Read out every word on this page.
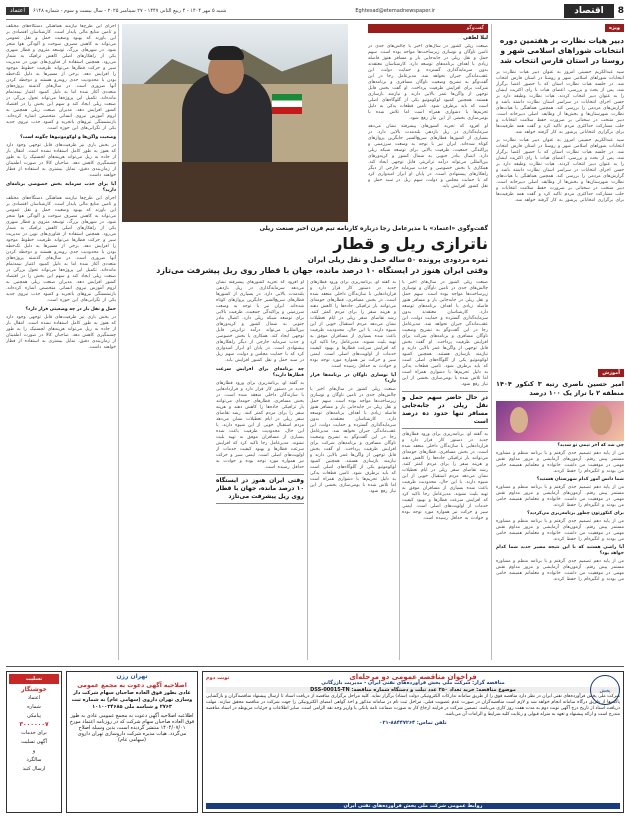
8
اقتصاد
Eghtesad@etemadnewspaper.ir
شنبه ۵ مهر ۱۴۰۴ - ۴ ربیع الثانی ۱۴۴۷ - ۲۷ سپتامبر ۲۰۲۵ - سال بیست و سوم - شماره ۶۱۴۸
اعتماد
ویژه
دبیر هیات نظارت بر هفتمین دوره انتخابات شوراهای اسلامی شهر و روستا در استان فارس انتخاب شد

سید عبدالکریم حسینی امروز به عنوان دبیر هیات نظارت بر انتخابات شوراهای اسلامی شهر و روستا در استان فارس انتخاب شد. در جلسه هیات نظارت استان که با حضور اعضا برگزار شد، پس از بحث و بررسی، اعضای هیات با رای اکثریت ایشان را به عنوان دبیر انتخاب کردند. هیات نظارت وظیفه دارد بر حسن اجرای انتخابات در سراسر استان نظارت داشته باشد و گزارش‌های مردمی را بررسی کند. همچنین هماهنگی با هیات‌های نظارت شهرستان‌ها و بخش‌ها از وظایف اصلی دبیرخانه است. دبیر منتخب در سخنانی بر ضرورت حفظ سلامت انتخابات و جلب مشارکت حداکثری مردم تاکید کرد و گفت همه ظرفیت‌ها برای برگزاری انتخاباتی پرشور به کار گرفته خواهد شد.

سید عبدالکریم حسینی امروز به عنوان دبیر هیات نظارت بر انتخابات شوراهای اسلامی شهر و روستا در استان فارس انتخاب شد. در جلسه هیات نظارت استان که با حضور اعضا برگزار شد، پس از بحث و بررسی، اعضای هیات با رای اکثریت ایشان را به عنوان دبیر انتخاب کردند. هیات نظارت وظیفه دارد بر حسن اجرای انتخابات در سراسر استان نظارت داشته باشد و گزارش‌های مردمی را بررسی کند. همچنین هماهنگی با هیات‌های نظارت شهرستان‌ها و بخش‌ها از وظایف اصلی دبیرخانه است. دبیر منتخب در سخنانی بر ضرورت حفظ سلامت انتخابات و جلب مشارکت حداکثری مردم تاکید کرد و گفت همه ظرفیت‌ها برای برگزاری انتخاباتی پرشور به کار گرفته خواهد شد.

آموزش
امیر حسین ناصری رتبه ۳ کنکور ۱۴۰۴ منطقه ۲ با تراز یک ۱۰۰ درصد
چی شد که آخر تیمی تو شدید؟

من از پایه دهم تصمیم جدی گرفتم و با برنامه منظم و مشاوره مستمر پیش رفتم. آزمون‌های آزمایشی و مرور مداوم نقش مهمی در موفقیت من داشت. خانواده و معلمانم همیشه حامی من بودند و انگیزه‌ام را حفظ کردند.

شما دانش آموز کدام شهرستان هستید؟

من از پایه دهم تصمیم جدی گرفتم و با برنامه منظم و مشاوره مستمر پیش رفتم. آزمون‌های آزمایشی و مرور مداوم نقش مهمی در موفقیت من داشت. خانواده و معلمانم همیشه حامی من بودند و انگیزه‌ام را حفظ کردند.

برای کنکورتون چطور برنامه‌ریزی می‌کردید؟

من از پایه دهم تصمیم جدی گرفتم و با برنامه منظم و مشاوره مستمر پیش رفتم. آزمون‌های آزمایشی و مرور مداوم نقش مهمی در موفقیت من داشت. خانواده و معلمانم همیشه حامی من بودند و انگیزه‌ام را حفظ کردند.

آیا راضی هستید که با این نتیجه مسیر جدید شما کدام خواهد بود؟

من از پایه دهم تصمیم جدی گرفتم و با برنامه منظم و مشاوره مستمر پیش رفتم. آزمون‌های آزمایشی و مرور مداوم نقش مهمی در موفقیت من داشت. خانواده و معلمانم همیشه حامی من بودند و انگیزه‌ام را حفظ کردند.

گفت‌وگو
لیلا لطفی

صنعت ریلی کشور در سال‌های اخیر با چالش‌های جدی در تامین ناوگان و نوسازی زیرساخت‌ها مواجه بوده است. سهم حمل و نقل ریلی در جابه‌جایی بار و مسافر هنوز فاصله زیادی با اهداف برنامه‌های توسعه دارد. کارشناسان معتقدند بدون سرمایه‌گذاری گسترده و حمایت دولت، این عقب‌ماندگی جبران نخواهد شد. مدیرعامل رجا در این گفت‌وگو به تشریح وضعیت ناوگان مسافری و برنامه‌های شرکت برای افزایش ظرفیت پرداخت. او گفت بخش قابل توجهی از واگن‌ها عمر بالایی دارند و نیازمند بازسازی هستند. همچنین کمبود لوکوموتیو یکی از گلوگاه‌های اصلی است که باید برطرف شود. تامین قطعات یدکی به دلیل تحریم‌ها با دشواری همراه است اما تلاش شده با بومی‌سازی بخشی از این نیاز رفع شود.

او افزود که تجربه کشورهای پیشرفته نشان می‌دهد سرمایه‌گذاری در ریل بازدهی بلندمدت بالایی دارد. در بسیاری از کشورها قطارهای سریع‌السیر جایگزین پروازهای کوتاه شده‌اند. ایران نیز با توجه به وسعت سرزمینی و پراکندگی جمعیت، ظرفیت بالایی برای توسعه شبکه ریلی دارد. اتصال بنادر جنوبی به شمال کشور و کریدورهای بین‌المللی می‌تواند درآمد ترانزیتی قابل توجهی ایجاد کند. همکاری با بخش خصوصی و جذب سرمایه خارجی از دیگر راهکارهای پیشنهادی است. در پایان او ابراز امیدواری کرد که با حمایت مجلس و دولت، سهم ریل در سبد حمل و نقل کشور افزایش یابد.

گفت‌وگوی «اعتماد» با مدیرعامل رجا درباره کارنامه تیم فرن اخیر صنعت ریلی
ناترازی ریل و قطار
ثمره مردودی پرونده ۵۰ ساله حمل و نقل ریلی ایران
وقتی ایران هنوز در ایستگاه ۱۰ درصد مانده، جهان با قطار روی ریل پیشرفت می‌تازد

صنعت ریلی کشور در سال‌های اخیر با چالش‌های جدی در تامین ناوگان و نوسازی زیرساخت‌ها مواجه بوده است. سهم حمل و نقل ریلی در جابه‌جایی بار و مسافر هنوز فاصله زیادی با اهداف برنامه‌های توسعه دارد. کارشناسان معتقدند بدون سرمایه‌گذاری گسترده و حمایت دولت، این عقب‌ماندگی جبران نخواهد شد. مدیرعامل رجا در این گفت‌وگو به تشریح وضعیت ناوگان مسافری و برنامه‌های شرکت برای افزایش ظرفیت پرداخت. او گفت بخش قابل توجهی از واگن‌ها عمر بالایی دارند و نیازمند بازسازی هستند. همچنین کمبود لوکوموتیو یکی از گلوگاه‌های اصلی است که باید برطرف شود. تامین قطعات یدکی به دلیل تحریم‌ها با دشواری همراه است اما تلاش شده با بومی‌سازی بخشی از این نیاز رفع شود.

در حال حاضر سهم حمل و نقل ریلی در جابه‌جایی مسافر تنها حدود ده درصد است

به گفته او، برنامه‌ریزی برای ورود قطارهای جدید در دستور کار قرار دارد و قراردادهایی با سازندگان داخلی منعقد شده است. در بخش مسافری، قطارهای حومه‌ای می‌توانند بار ترافیکی جاده‌ها را کاهش دهند و هزینه سفر را برای مردم کمتر کنند. رشد تقاضای سفر ریلی در ایام تعطیلات نشان می‌دهد مردم استقبال خوبی از این شیوه دارند. با این حال، محدودیت ظرفیت باعث شده بسیاری از مسافران موفق به تهیه بلیت نشوند. مدیرعامل رجا تاکید کرد که افزایش سرعت قطارها و بهبود کیفیت خدمات از اولویت‌های اصلی است. ایمنی سیر و حرکت نیز همواره مورد توجه بوده و حوادث به حداقل رسیده است.

به گفته او، برنامه‌ریزی برای ورود قطارهای جدید در دستور کار قرار دارد و قراردادهایی با سازندگان داخلی منعقد شده است. در بخش مسافری، قطارهای حومه‌ای می‌توانند بار ترافیکی جاده‌ها را کاهش دهند و هزینه سفر را برای مردم کمتر کنند. رشد تقاضای سفر ریلی در ایام تعطیلات نشان می‌دهد مردم استقبال خوبی از این شیوه دارند. با این حال، محدودیت ظرفیت باعث شده بسیاری از مسافران موفق به تهیه بلیت نشوند. مدیرعامل رجا تاکید کرد که افزایش سرعت قطارها و بهبود کیفیت خدمات از اولویت‌های اصلی است. ایمنی سیر و حرکت نیز همواره مورد توجه بوده و حوادث به حداقل رسیده است.

آیا نوسازی ناوگان در برنامه‌ها قرار دارد؟

صنعت ریلی کشور در سال‌های اخیر با چالش‌های جدی در تامین ناوگان و نوسازی زیرساخت‌ها مواجه بوده است. سهم حمل و نقل ریلی در جابه‌جایی بار و مسافر هنوز فاصله زیادی با اهداف برنامه‌های توسعه دارد. کارشناسان معتقدند بدون سرمایه‌گذاری گسترده و حمایت دولت، این عقب‌ماندگی جبران نخواهد شد. مدیرعامل رجا در این گفت‌وگو به تشریح وضعیت ناوگان مسافری و برنامه‌های شرکت برای افزایش ظرفیت پرداخت. او گفت بخش قابل توجهی از واگن‌ها عمر بالایی دارند و نیازمند بازسازی هستند. همچنین کمبود لوکوموتیو یکی از گلوگاه‌های اصلی است که باید برطرف شود. تامین قطعات یدکی به دلیل تحریم‌ها با دشواری همراه است اما تلاش شده با بومی‌سازی بخشی از این نیاز رفع شود.

او افزود که تجربه کشورهای پیشرفته نشان می‌دهد سرمایه‌گذاری در ریل بازدهی بلندمدت بالایی دارد. در بسیاری از کشورها قطارهای سریع‌السیر جایگزین پروازهای کوتاه شده‌اند. ایران نیز با توجه به وسعت سرزمینی و پراکندگی جمعیت، ظرفیت بالایی برای توسعه شبکه ریلی دارد. اتصال بنادر جنوبی به شمال کشور و کریدورهای بین‌المللی می‌تواند درآمد ترانزیتی قابل توجهی ایجاد کند. همکاری با بخش خصوصی و جذب سرمایه خارجی از دیگر راهکارهای پیشنهادی است. در پایان او ابراز امیدواری کرد که با حمایت مجلس و دولت، سهم ریل در سبد حمل و نقل کشور افزایش یابد.

چه برنامه‌ای برای افزایش سرعت قطارها دارید؟

به گفته او، برنامه‌ریزی برای ورود قطارهای جدید در دستور کار قرار دارد و قراردادهایی با سازندگان داخلی منعقد شده است. در بخش مسافری، قطارهای حومه‌ای می‌توانند بار ترافیکی جاده‌ها را کاهش دهند و هزینه سفر را برای مردم کمتر کنند. رشد تقاضای سفر ریلی در ایام تعطیلات نشان می‌دهد مردم استقبال خوبی از این شیوه دارند. با این حال، محدودیت ظرفیت باعث شده بسیاری از مسافران موفق به تهیه بلیت نشوند. مدیرعامل رجا تاکید کرد که افزایش سرعت قطارها و بهبود کیفیت خدمات از اولویت‌های اصلی است. ایمنی سیر و حرکت نیز همواره مورد توجه بوده و حوادث به حداقل رسیده است.

وقتی ایران هنوز در ایستگاه ۱۰ درصد مانده، جهان با قطار روی ریل پیشرفت می‌تازد

اجرای این طرح‌ها نیازمند هماهنگی دستگاه‌های مختلف و تامین منابع مالی پایدار است. کارشناسان اقتصادی بر این باورند که بهبود وضعیت حمل و نقل عمومی می‌تواند به کاهش مصرف سوخت و آلودگی هوا منجر شود. در شهرهای بزرگ، توسعه متروی و قطار شهری یکی از راهکارهای اصلی کاهش ترافیک به شمار می‌رود. همچنین استفاده از فناوری‌های نوین در مدیریت سیر و حرکت قطارها می‌تواند ظرفیت خطوط موجود را افزایش دهد. برخی از مسیرها به دلیل تک‌خطه بودن با محدودیت جدی روبه‌رو هستند و دوخطه کردن آنها ضروری است. در سال‌های گذشته پروژه‌های متعددی آغاز شده اما به دلیل کمبود اعتبار نیمه‌تمام مانده‌اند. تکمیل این پروژه‌ها می‌تواند تحول بزرگی در صنعت ریلی ایجاد کند و سهم این بخش را در اقتصاد کشور افزایش دهد. مدیران صنعت ریلی همچنین به لزوم آموزش نیروی انسانی متخصص اشاره کرده‌اند. بازنشستگی نیروهای باتجربه و کمبود جذب نیروی جدید یکی از نگرانی‌های این حوزه است.

وضعیت واگن‌ها و لوکوموتیوها چگونه است؟

در بخش باری نیز ظرفیت‌های قابل توجهی وجود دارد که هنوز به طور کامل استفاده نشده است. انتقال بار از جاده به ریل می‌تواند هزینه‌های لجستیک را به طور چشمگیری کاهش دهد. صاحبان کالا در صورت اطمینان از زمان‌بندی دقیق، تمایل بیشتری به استفاده از قطار خواهند داشت.

آیا برای جذب سرمایه بخش خصوصی برنامه‌ای دارید؟

اجرای این طرح‌ها نیازمند هماهنگی دستگاه‌های مختلف و تامین منابع مالی پایدار است. کارشناسان اقتصادی بر این باورند که بهبود وضعیت حمل و نقل عمومی می‌تواند به کاهش مصرف سوخت و آلودگی هوا منجر شود. در شهرهای بزرگ، توسعه متروی و قطار شهری یکی از راهکارهای اصلی کاهش ترافیک به شمار می‌رود. همچنین استفاده از فناوری‌های نوین در مدیریت سیر و حرکت قطارها می‌تواند ظرفیت خطوط موجود را افزایش دهد. برخی از مسیرها به دلیل تک‌خطه بودن با محدودیت جدی روبه‌رو هستند و دوخطه کردن آنها ضروری است. در سال‌های گذشته پروژه‌های متعددی آغاز شده اما به دلیل کمبود اعتبار نیمه‌تمام مانده‌اند. تکمیل این پروژه‌ها می‌تواند تحول بزرگی در صنعت ریلی ایجاد کند و سهم این بخش را در اقتصاد کشور افزایش دهد. مدیران صنعت ریلی همچنین به لزوم آموزش نیروی انسانی متخصص اشاره کرده‌اند. بازنشستگی نیروهای باتجربه و کمبود جذب نیروی جدید یکی از نگرانی‌های این حوزه است.

حمل و نقل بار در چه وضعیتی قرار دارد؟

در بخش باری نیز ظرفیت‌های قابل توجهی وجود دارد که هنوز به طور کامل استفاده نشده است. انتقال بار از جاده به ریل می‌تواند هزینه‌های لجستیک را به طور چشمگیری کاهش دهد. صاحبان کالا در صورت اطمینان از زمان‌بندی دقیق، تمایل بیشتری به استفاده از قطار خواهند داشت.

تسلیت
خوشنگار
اعتماد
شماره
پیامکی
۳۰۰۰۰۰۰۷
برای خدمات
آگهی تسلیت
و
سالگرد
ارسال کنید
تهران رزن
اصلاحیه آگهی دعوت به مجمع عمومی
عادی بطور فوق العاده صاحبان سهام شرکت دار وسازی تهران داروی (سهامی عام) به شماره ثبت ۲۷۶۳ و شناسه ملی ۱۰۱۰۰۳۴۶۸۵
اطلاعیه اصلاحیه آگهی دعوت به مجمع عمومی عادی به طور فوق العاده صاحبان سهام شرکت که در روزنامه اعتماد مورخ ۱۴۰۴/۰۷/۰۱ منتشر گردیده است، بدین وسیله اصلاح می‌گردد. هیات مدیره شرکت داروسازی تهران داروی (سهامی عام)
پخش
نوبت دوم	فراخوان مناقصه عمومی دو مرحله‌ای
مناقصه گزار: شرکت ملی پخش فرآورده‌های نفتی ایران - مدیریت بازرگانی
موضوع مناقصه: خرید تعداد ۲۵۰ عدد تبلت و دستگاه شماره مناقصه: DSS-00015-TN
شرکت ملی پخش فرآورده‌های نفتی ایران در نظر دارد مناقصه فوق را از طریق سامانه تدارکات الکترونیکی دولت (ستاد) برگزار نماید. کلیه مراحل برگزاری مناقصه از دریافت اسناد تا ارسال پیشنهاد مناقصه‌گران و بازگشایی پاکت‌ها از طریق درگاه سامانه انجام خواهد شد و لازم است مناقصه‌گران در صورت عدم عضویت قبلی، مراحل ثبت نام در سامانه مذکور و اخذ گواهی امضای الکترونیکی را جهت شرکت در مناقصه محقق سازند. مهلت دریافت اسناد از تاریخ درج آگهی نوبت دوم به مدت هفت روز کاری می‌باشد. تضمین شرکت در فرایند ارجاع کار به صورت ضمانت نامه بانکی یا واریز وجه نقد الزامی است. سایر اطلاعات و جزئیات مربوطه در اسناد مناقصه مندرج است و ارائه پیشنهاد و تعهد به منزله قبولی و رعایت کلیه شرایط و الزامات آن می‌باشد.
تلفن تماس: ۸۸۴۴۷۲۶۴-۰۲۱
روابط عمومی شرکت ملی پخش فرآورده‌های نفتی ایران
